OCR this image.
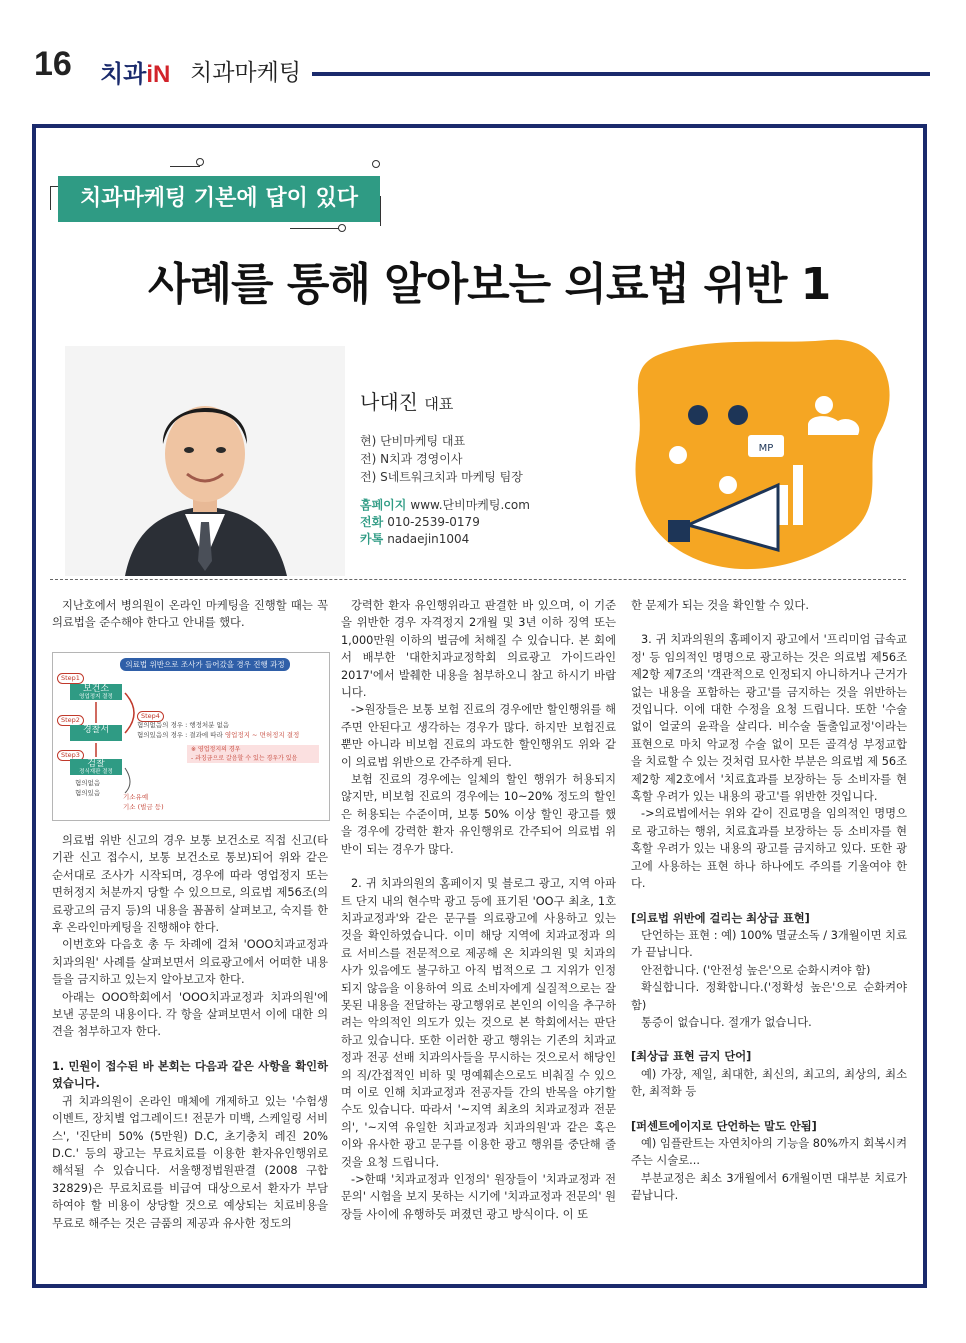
16 치과iN 치과마케팅
치과마케팅 기본에 답이 있다
사례를 통해 알아보는 의료법 위반 1
나대진 대표
현) 단비마케팅 대표
전) N치과 경영이사
전) S네트워크치과 마케팅 팀장
홈페이지 www.단비마케팅.com
전화 010-2539-0179
카톡 nadaejin1004
MP

지난호에서 병의원이 온라인 마케팅을 진행할 때는 꼭 의료법을 준수해야 한다고 안내를 했다.

의료법 위반으로 조사가 들어갔을 경우 진행 과정
Step1
보건소
영업정지 결정
Step2
경찰서
Step3
검찰
정식재판 결정
Step4
혐의없음의 경우 : 행정처분 없음
혐의있음의 경우 : 결과에 따라 영업정지 ~ 면허정지 결정
※ 영업정지의 경우
- 과징금으로 갈음할 수 있는 경우가 있음
혐의없음
혐의있음	기소유예
기소 (벌금 등)

의료법 위반 신고의 경우 보통 보건소로 직접 신고(타기관 신고 접수시, 보통 보건소로 통보)되어 위와 같은 순서대로 조사가 시작되며, 경우에 따라 영업정지 또는 면허정지 처분까지 당할 수 있으므로, 의료법 제56조(의료광고의 금지 등)의 내용을 꼼꼼히 살펴보고, 숙지를 한 후 온라인마케팅을 진행해야 한다.

이번호와 다음호 총 두 차례에 걸쳐 'OOO치과교정과 치과의원' 사례를 살펴보면서 의료광고에서 어떠한 내용들을 금지하고 있는지 알아보고자 한다.

아래는 OOO학회에서 'OOO치과교정과 치과의원'에 보낸 공문의 내용이다. 각 항을 살펴보면서 이에 대한 의견을 첨부하고자 한다.

1. 민원이 접수된 바 본회는 다음과 같은 사항을 확인하였습니다.

귀 치과의원이 온라인 매체에 개제하고 있는 '수험생 이벤트, 장치별 업그레이드! 전문가 미백, 스케일링 서비스', '진단비 50% (5만원) D.C, 초기충치 레진 20% D.C.' 등의 광고는 무료치료를 이용한 환자유인행위로 해석될 수 있습니다. 서울행정법원판결 (2008 구합 32829)은 무료치료를 비급여 대상으로서 환자가 부담하여야 할 비용이 상당할 것으로 예상되는 치료비용을 무료로 해주는 것은 금품의 제공과 유사한 정도의

강력한 환자 유인행위라고 판결한 바 있으며, 이 기준을 위반한 경우 자격정지 2개월 및 3년 이하 징역 또는 1,000만원 이하의 벌금에 처해질 수 있습니다. 본 회에서 배부한 '대한치과교정학회 의료광고 가이드라인 2017'에서 발췌한 내용을 첨부하오니 참고 하시기 바랍니다.

->원장들은 보통 보험 진료의 경우에만 할인행위를 해주면 안된다고 생각하는 경우가 많다. 하지만 보험진료뿐만 아니라 비보험 진료의 과도한 할인행위도 위와 같이 의료법 위반으로 간주하게 된다.

보험 진료의 경우에는 일체의 할인 행위가 허용되지 않지만, 비보험 진료의 경우에는 10~20% 정도의 할인은 허용되는 수준이며, 보통 50% 이상 할인 광고를 했을 경우에 강력한 환자 유인행위로 간주되어 의료법 위반이 되는 경우가 많다.

2. 귀 치과의원의 홈페이지 및 블로그 광고, 지역 아파트 단지 내의 현수막 광고 등에 표기된 'OO구 최초, 1호 치과교정과'와 같은 문구를 의료광고에 사용하고 있는 것을 확인하였습니다. 이미 해당 지역에 치과교정과 의료 서비스를 전문적으로 제공해 온 치과의원 및 치과의사가 있음에도 불구하고 아직 법적으로 그 지위가 인정되지 않음을 이용하여 의료 소비자에게 실질적으로는 잘못된 내용을 전달하는 광고행위로 본인의 이익을 추구하려는 악의적인 의도가 있는 것으로 본 학회에서는 판단하고 있습니다. 또한 이러한 광고 행위는 기존의 치과교정과 전공 선배 치과의사들을 무시하는 것으로서 해당인의 직/간접적인 비하 및 명예훼손으로도 비춰질 수 있으며 이로 인해 치과교정과 전공자들 간의 반목을 야기할 수도 있습니다. 따라서 '~지역 최초의 치과교정과 전문의', '~지역 유일한 치과교정과 치과의원'과 같은 혹은 이와 유사한 광고 문구를 이용한 광고 행위를 중단해 줄 것을 요청 드립니다.

->한때 '치과교정과 인정의' 원장들이 '치과교정과 전문의' 시험을 보지 못하는 시기에 '치과교정과 전문의' 원장들 사이에 유행하듯 퍼졌던 광고 방식이다. 이 또

한 문제가 되는 것을 확인할 수 있다.

3. 귀 치과의원의 홈페이지 광고에서 '프리미엄 급속교정' 등 임의적인 명명으로 광고하는 것은 의료법 제56조 제2항 제7조의 '객관적으로 인정되지 아니하거나 근거가 없는 내용을 포함하는 광고'를 금지하는 것을 위반하는 것입니다. 이에 대한 수정을 요청 드립니다. 또한 '수술 없이 얼굴의 윤곽을 살리다. 비수술 돌출입교정'이라는 표현으로 마치 악교정 수술 없이 모든 골격성 부정교합을 치료할 수 있는 것처럼 묘사한 부분은 의료법 제 56조 제2항 제2호에서 '치료효과를 보장하는 등 소비자를 현혹할 우려가 있는 내용의 광고'를 위반한 것입니다.

->의료법에서는 위와 같이 진료명을 임의적인 명명으로 광고하는 행위, 치료효과를 보장하는 등 소비자를 현혹할 우려가 있는 내용의 광고를 금지하고 있다. 또한 광고에 사용하는 표현 하나 하나에도 주의를 기울여야 한다.

[의료법 위반에 걸리는 최상급 표현]

단언하는 표현 : 예) 100% 멸균소독 / 3개월이면 치료가 끝납니다.

안전합니다. ('안전성 높은'으로 순화시켜야 함)

확실합니다. 정확합니다.('정확성 높은'으로 순화켜야 함)

통증이 없습니다. 절개가 없습니다.

[최상급 표현 금지 단어]

예) 가장, 제일, 최대한, 최신의, 최고의, 최상의, 최소한, 최적화 등

[퍼센트에이지로 단언하는 말도 안됨]

예) 임플란트는 자연치아의 기능을 80%까지 회복시켜주는 시술로...

부분교정은 최소 3개월에서 6개월이면 대부분 치료가 끝납니다.
